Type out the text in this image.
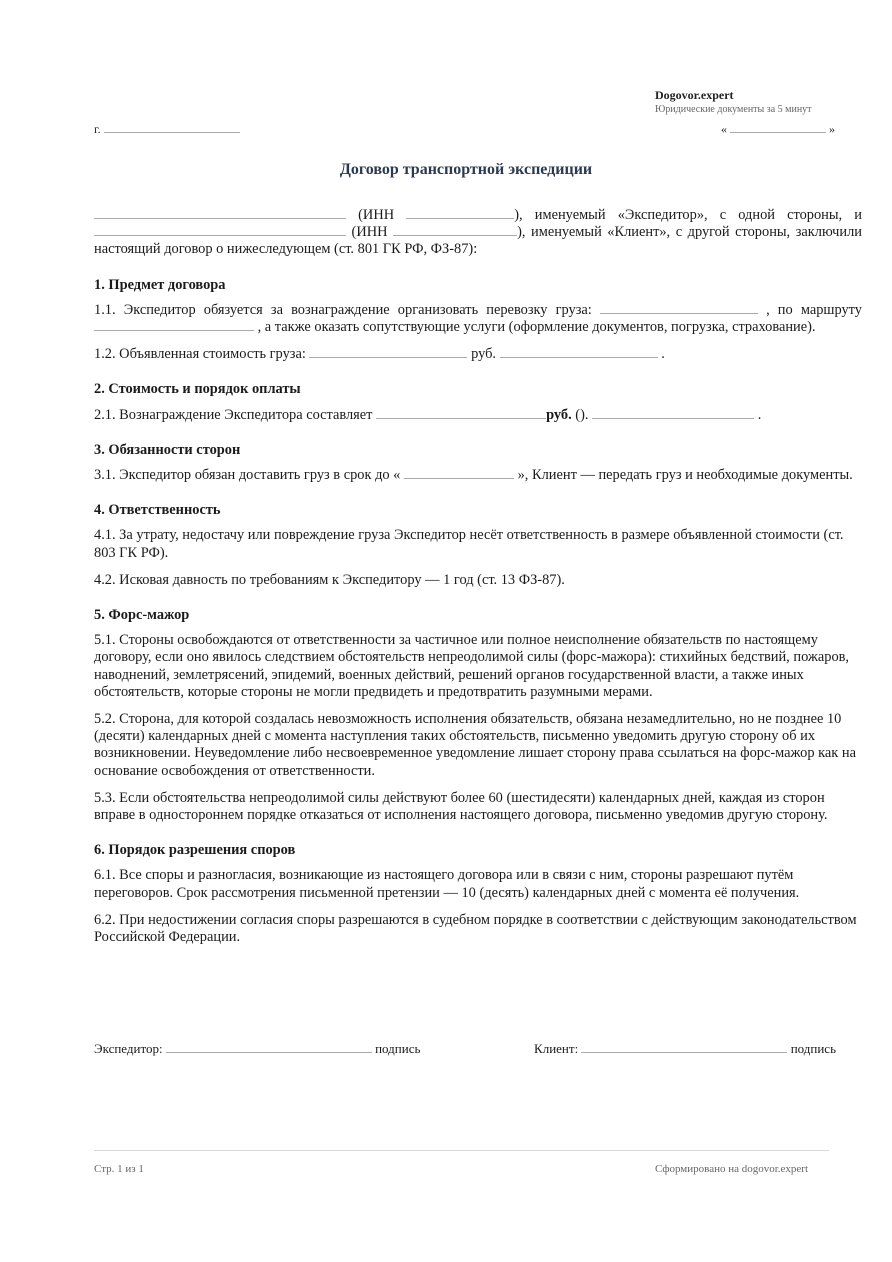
Dogovor.expert
Юридические документы за 5 минут
г.	«	»
Договор транспортной экспедиции

(ИНН	), именуемый «Экспедитор», с одной стороны, и  (ИНН	), именуемый «Клиент», с другой стороны, заключили настоящий договор о нижеследующем (ст. 801 ГК РФ, ФЗ-87):

1. Предмет договора

1.1. Экспедитор обязуется за вознаграждение организовать перевозку груза:	, по маршруту  , а также оказать сопутствующие услуги (оформление документов, погрузка, страхование).

1.2. Объявленная стоимость груза:	руб.	.

2. Стоимость и порядок оплаты

2.1. Вознаграждение Экспедитора составляет	руб. ().	.

3. Обязанности сторон

3.1. Экспедитор обязан доставить груз в срок до «	», Клиент — передать груз и необходимые документы.

4. Ответственность

4.1. За утрату, недостачу или повреждение груза Экспедитор несёт ответственность в размере объявленной стоимости (ст. 803 ГК РФ).

4.2. Исковая давность по требованиям к Экспедитору — 1 год (ст. 13 ФЗ-87).

5. Форс-мажор

5.1. Стороны освобождаются от ответственности за частичное или полное неисполнение обязательств по настоящему договору, если оно явилось следствием обстоятельств непреодолимой силы (форс-мажора): стихийных бедствий, пожаров, наводнений, землетрясений, эпидемий, военных действий, решений органов государственной власти, а также иных обстоятельств, которые стороны не могли предвидеть и предотвратить разумными мерами.

5.2. Сторона, для которой создалась невозможность исполнения обязательств, обязана незамедлительно, но не позднее 10 (десяти) календарных дней с момента наступления таких обстоятельств, письменно уведомить другую сторону об их возникновении. Неуведомление либо несвоевременное уведомление лишает сторону права ссылаться на форс-мажор как на основание освобождения от ответственности.

5.3. Если обстоятельства непреодолимой силы действуют более 60 (шестидесяти) календарных дней, каждая из сторон вправе в одностороннем порядке отказаться от исполнения настоящего договора, письменно уведомив другую сторону.

6. Порядок разрешения споров

6.1. Все споры и разногласия, возникающие из настоящего договора или в связи с ним, стороны разрешают путём переговоров. Срок рассмотрения письменной претензии — 10 (десять) календарных дней с момента её получения.

6.2. При недостижении согласия споры разрешаются в судебном порядке в соответствии с действующим законодательством Российской Федерации.

Экспедитор:	подпись	Клиент:	подпись
Стр. 1 из 1	Сформировано на dogovor.expert
